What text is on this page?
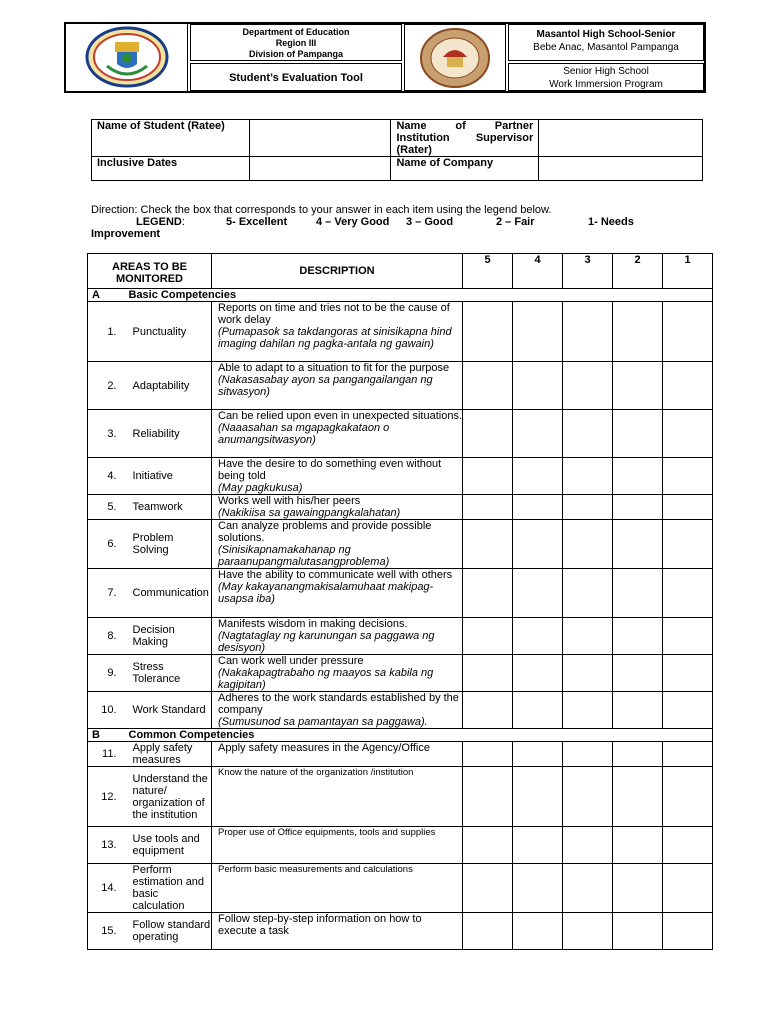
Department of Education
Region III
Division of Pampanga
Student’s Evaluation Tool
Masantol High School-Senior
Bebe Anac, Masantol Pampanga
Senior High School
Work Immersion Program
Name of Student (Ratee)		Name of Partner Institution Supervisor (Rater)	
Inclusive Dates		Name of Company	
Direction: Check the box that corresponds to your answer in each item using the legend below.
LEGEND:	5- Excellent	4 – Very Good 3 – Good	2 – Fair	1- Needs
Improvement
AREAS TO BE MONITORED		DESCRIPTION	5	4	3	2	1
A	Basic Competencies						
1.	Punctuality	Reports on time and tries not to be the cause of work delay
(Pumapasok sa takdangoras at sinisikapna hind imaging dahilan ng pagka-antala ng gawain)					

2.	Adaptability	Able to adapt to a situation to fit for the purpose
(Nakasasabay ayon sa pangangailangan ng sitwasyon)					

3.	Reliability	Can be relied upon even in unexpected situations.
(Naaasahan sa mgapagkakataon o anumangsitwasyon)					

4.	Initiative	Have the desire to do something even without being told
(May pagkukusa)					

5.	Teamwork	Works well with his/her peers
(Nakikiisa sa gawaingpangkalahatan)					

6.	Problem Solving	Can analyze problems and provide possible solutions.
(Sinisikapnamakahanap ng paraanupangmalutasangproblema)					

7.	Communication	Have the ability to communicate well with others
(May kakayanangmakisalamuhaat makipag-usapsa iba)					

8.	Decision Making	Manifests wisdom in making decisions.
(Nagtataglay ng karunungan sa paggawa ng desisyon)					

9.	Stress Tolerance	Can work well under pressure
(Nakakapagtrabaho ng maayos sa kabila ng kagipitan)					

10.	Work Standard	Adheres to the work standards established by the company
(Sumusunod sa pamantayan sa paggawa).					

B	Common Competencies						
11.	Apply safety measures	Apply safety measures in the Agency/Office					

12.	Understand the nature/ organization of the institution	Know the nature of the organization /institution					

13.	Use tools and equipment	Proper use of Office equipments, tools and supplies					

14.	Perform estimation and basic calculation	Perform basic measurements and calculations					

15.	Follow standard operating	Follow step-by-step information on how to execute a task					
